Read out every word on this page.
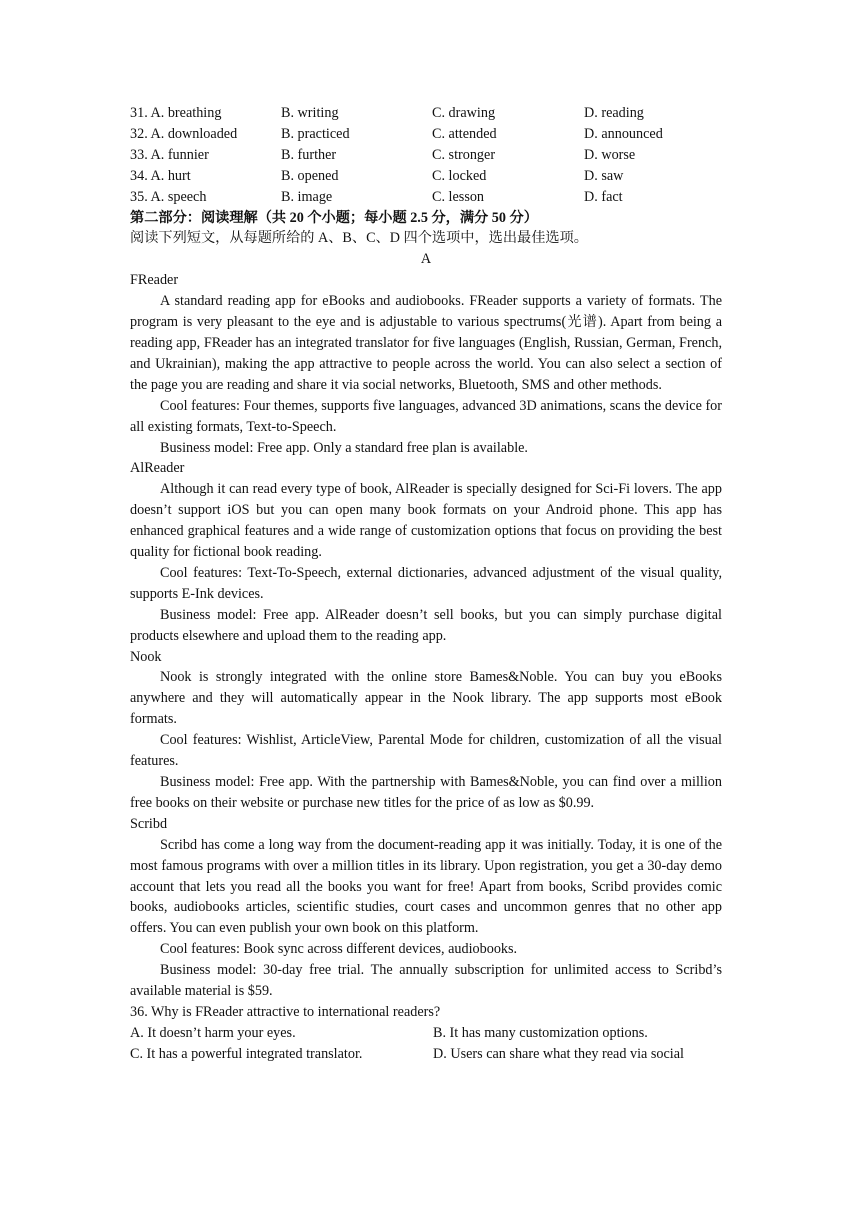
31. A. breathing	B. writing	C. drawing	D. reading
32. A. downloaded	B. practiced	C. attended	D. announced
33. A. funnier	B. further	C. stronger	D. worse
34. A. hurt	B. opened	C. locked	D. saw
35. A. speech	B. image	C. lesson	D. fact
第二部分：阅读理解（共 20 个小题；每小题 2.5 分，满分 50 分）
阅读下列短文，从每题所给的 A、B、C、D 四个选项中，选出最佳选项。
A
FReader
A standard reading app for eBooks and audiobooks. FReader supports a variety of formats. The program is very pleasant to the eye and is adjustable to various spectrums(光谱). Apart from being a reading app, FReader has an integrated translator for five languages (English, Russian, German, French, and Ukrainian), making the app attractive to people across the world. You can also select a section of the page you are reading and share it via social networks, Bluetooth, SMS and other methods.
Cool features: Four themes, supports five languages, advanced 3D animations, scans the device for all existing formats, Text-to-Speech.
Business model: Free app. Only a standard free plan is available.
AlReader
Although it can read every type of book, AlReader is specially designed for Sci-Fi lovers. The app doesn’t support iOS but you can open many book formats on your Android phone. This app has enhanced graphical features and a wide range of customization options that focus on providing the best quality for fictional book reading.
Cool features: Text-To-Speech, external dictionaries, advanced adjustment of the visual quality, supports E-Ink devices.
Business model: Free app. AlReader doesn’t sell books, but you can simply purchase digital products elsewhere and upload them to the reading app.
Nook
Nook is strongly integrated with the online store Bames&Noble. You can buy you eBooks anywhere and they will automatically appear in the Nook library. The app supports most eBook formats.
Cool features: Wishlist, ArticleView, Parental Mode for children, customization of all the visual features.
Business model: Free app. With the partnership with Bames&Noble, you can find over a million free books on their website or purchase new titles for the price of as low as $0.99.
Scribd
Scribd has come a long way from the document-reading app it was initially. Today, it is one of the most famous programs with over a million titles in its library. Upon registration, you get a 30-day demo account that lets you read all the books you want for free! Apart from books, Scribd provides comic books, audiobooks articles, scientific studies, court cases and uncommon genres that no other app offers. You can even publish your own book on this platform.
Cool features: Book sync across different devices, audiobooks.
Business model: 30-day free trial. The annually subscription for unlimited access to Scribd’s available material is $59.
36. Why is FReader attractive to international readers?
A. It doesn’t harm your eyes.	B. It has many customization options.
C. It has a powerful integrated translator.	D. Users can share what they read via social
